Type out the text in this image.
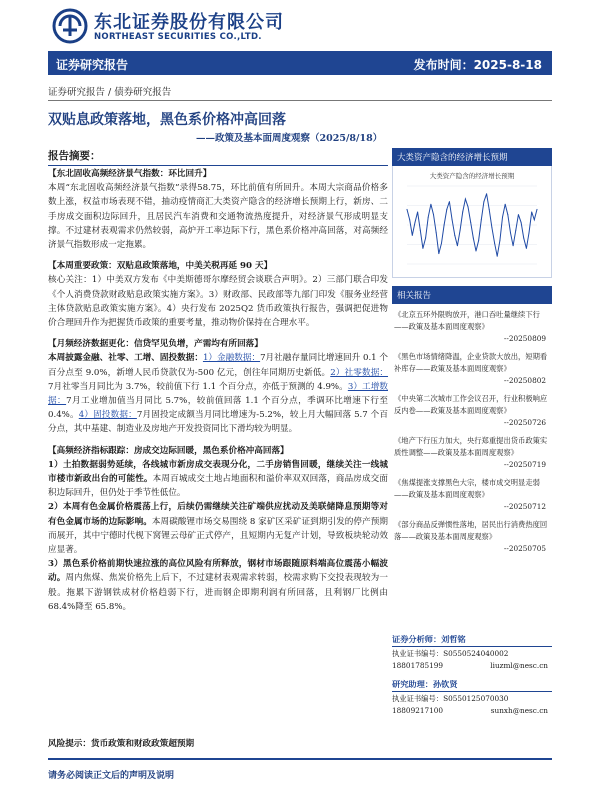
东北证券股份有限公司
NORTHEAST SECURITIES CO.,LTD.
证券研究报告	发布时间：2025-8-18
证券研究报告 / 债券研究报告
双贴息政策落地，黑色系价格冲高回落
——政策及基本面周度观察（2025/8/18）
报告摘要：
【东北固收高频经济景气指数：环比回升】
本周“东北固收高频经济景气指数”录得58.75，环比前值有所回升。本周大宗商品价格多数上涨，权益市场表现不错，抽动疫情商汇大类资产隐含的经济增长预期上行，新房、二手房成交面积边际回升，且居民汽车消费和交通物流热度提升，对经济景气形成明显支撑。不过建材表观需求仍然较弱，高炉开工率边际下行，黑色系价格冲高回落，对高频经济景气指数形成一定拖累。
【本周重要政策：双贴息政策落地，中美关税再延 90 天】
核心关注：1）中美双方发布《中美斯德哥尔摩经贸会谈联合声明》。2）三部门联合印发《个人消费贷款财政贴息政策实施方案》。3）财政部、民政部等九部门印发《服务业经营主体贷款贴息政策实施方案》。4）央行发布 2025Q2 货币政策执行报告，强调把促进物价合理回升作为把握货币政策的重要考量，推动物价保持在合理水平。
【月频经济数据更化：信贷罕见负增，产需均有所回落】
本周披露金融、社零、工增、固投数据：1）金融数据：7月社融存量同比增速回升 0.1 个百分点至 9.0%，新增人民币贷款仅为-500 亿元，创往年同期历史新低。2）社零数据：7月社零当月同比为 3.7%，较前值下行 1.1 个百分点，亦低于预测的 4.9%。3）工增数据：7月工业增加值当月同比 5.7%，较前值回落 1.1 个百分点，季调环比增速下行至 0.4%。4）固投数据：7月固投定成额当月同比增速为-5.2%，较上月大幅回落 5.7 个百分点，其中基建、制造业及房地产开发投资同比下滑均较为明显。
【高频经济指标跟踪：房成交边际回暖，黑色系价格冲高回落】
1）土拍数据弱势延续，各线城市新房成交表现分化，二手房销售回暖，继续关注一线城市楼市新政出台的可能性。本周百城成交土地占地面积和溢价率双双回落，商品房成交面积边际回升，但仍处于季节性低位。
2）本周有色金属价格震荡上行，后续仍需继续关注矿端供应扰动及美联储降息预期等对有色金属市场的边际影响。本周碳酸锂市场交易围绕 8 家矿区采矿证到期引发的停产预期而展开，其中宁德时代枧下窝锂云母矿正式停产，且短期内无复产计划，导致板块轮动效应显著。
3）黑色系价格前期快速拉涨的高位风险有所释放，钢材市场跟随原料端高位震荡小幅波动。周内焦煤、焦炭价格先上后下，不过建材表观需求转弱，校需求购下交投表现较为一般。拖累下游钢铁成材价格趋弱下行，进而钢企即期利润有所回落，且利钢厂比例由 68.4%降至 65.8%。
风险提示：货币政策和财政政策超预期
大类资产隐含的经济增长预期
大类资产隐含的经济增长预期
相关报告
《北京五环外限购放开，港口吞吐量继续下行——政策及基本面周度观察》
--20250809
《黑色市场情绪降温，企业贷款大放出，短期看补库存——政策及基本面周度观察》
--20250802
《中央第二次城市工作会议召开，行业积极响应反内卷——政策及基本面周度观察》
--20250726
《地产下行压力加大，央行郑重提出货币政策实质性调整——政策及基本面周度观察》
--20250719
《焦煤提涨支撑黑色大宗，楼市成交明显走弱——政策及基本面周度观察》
--20250712
《部分商品反弹惯性落地，居民出行消费热度回落——政策及基本面周度观察》
--20250705
证券分析师：刘哲铭
执业证书编号：S0550524040002
18801785199	liuzml@nesc.cn
研究助理：孙钦贤
执业证书编号：S0550125070030
18809217100	sunxh@nesc.cn
请务必阅读正文后的声明及说明
